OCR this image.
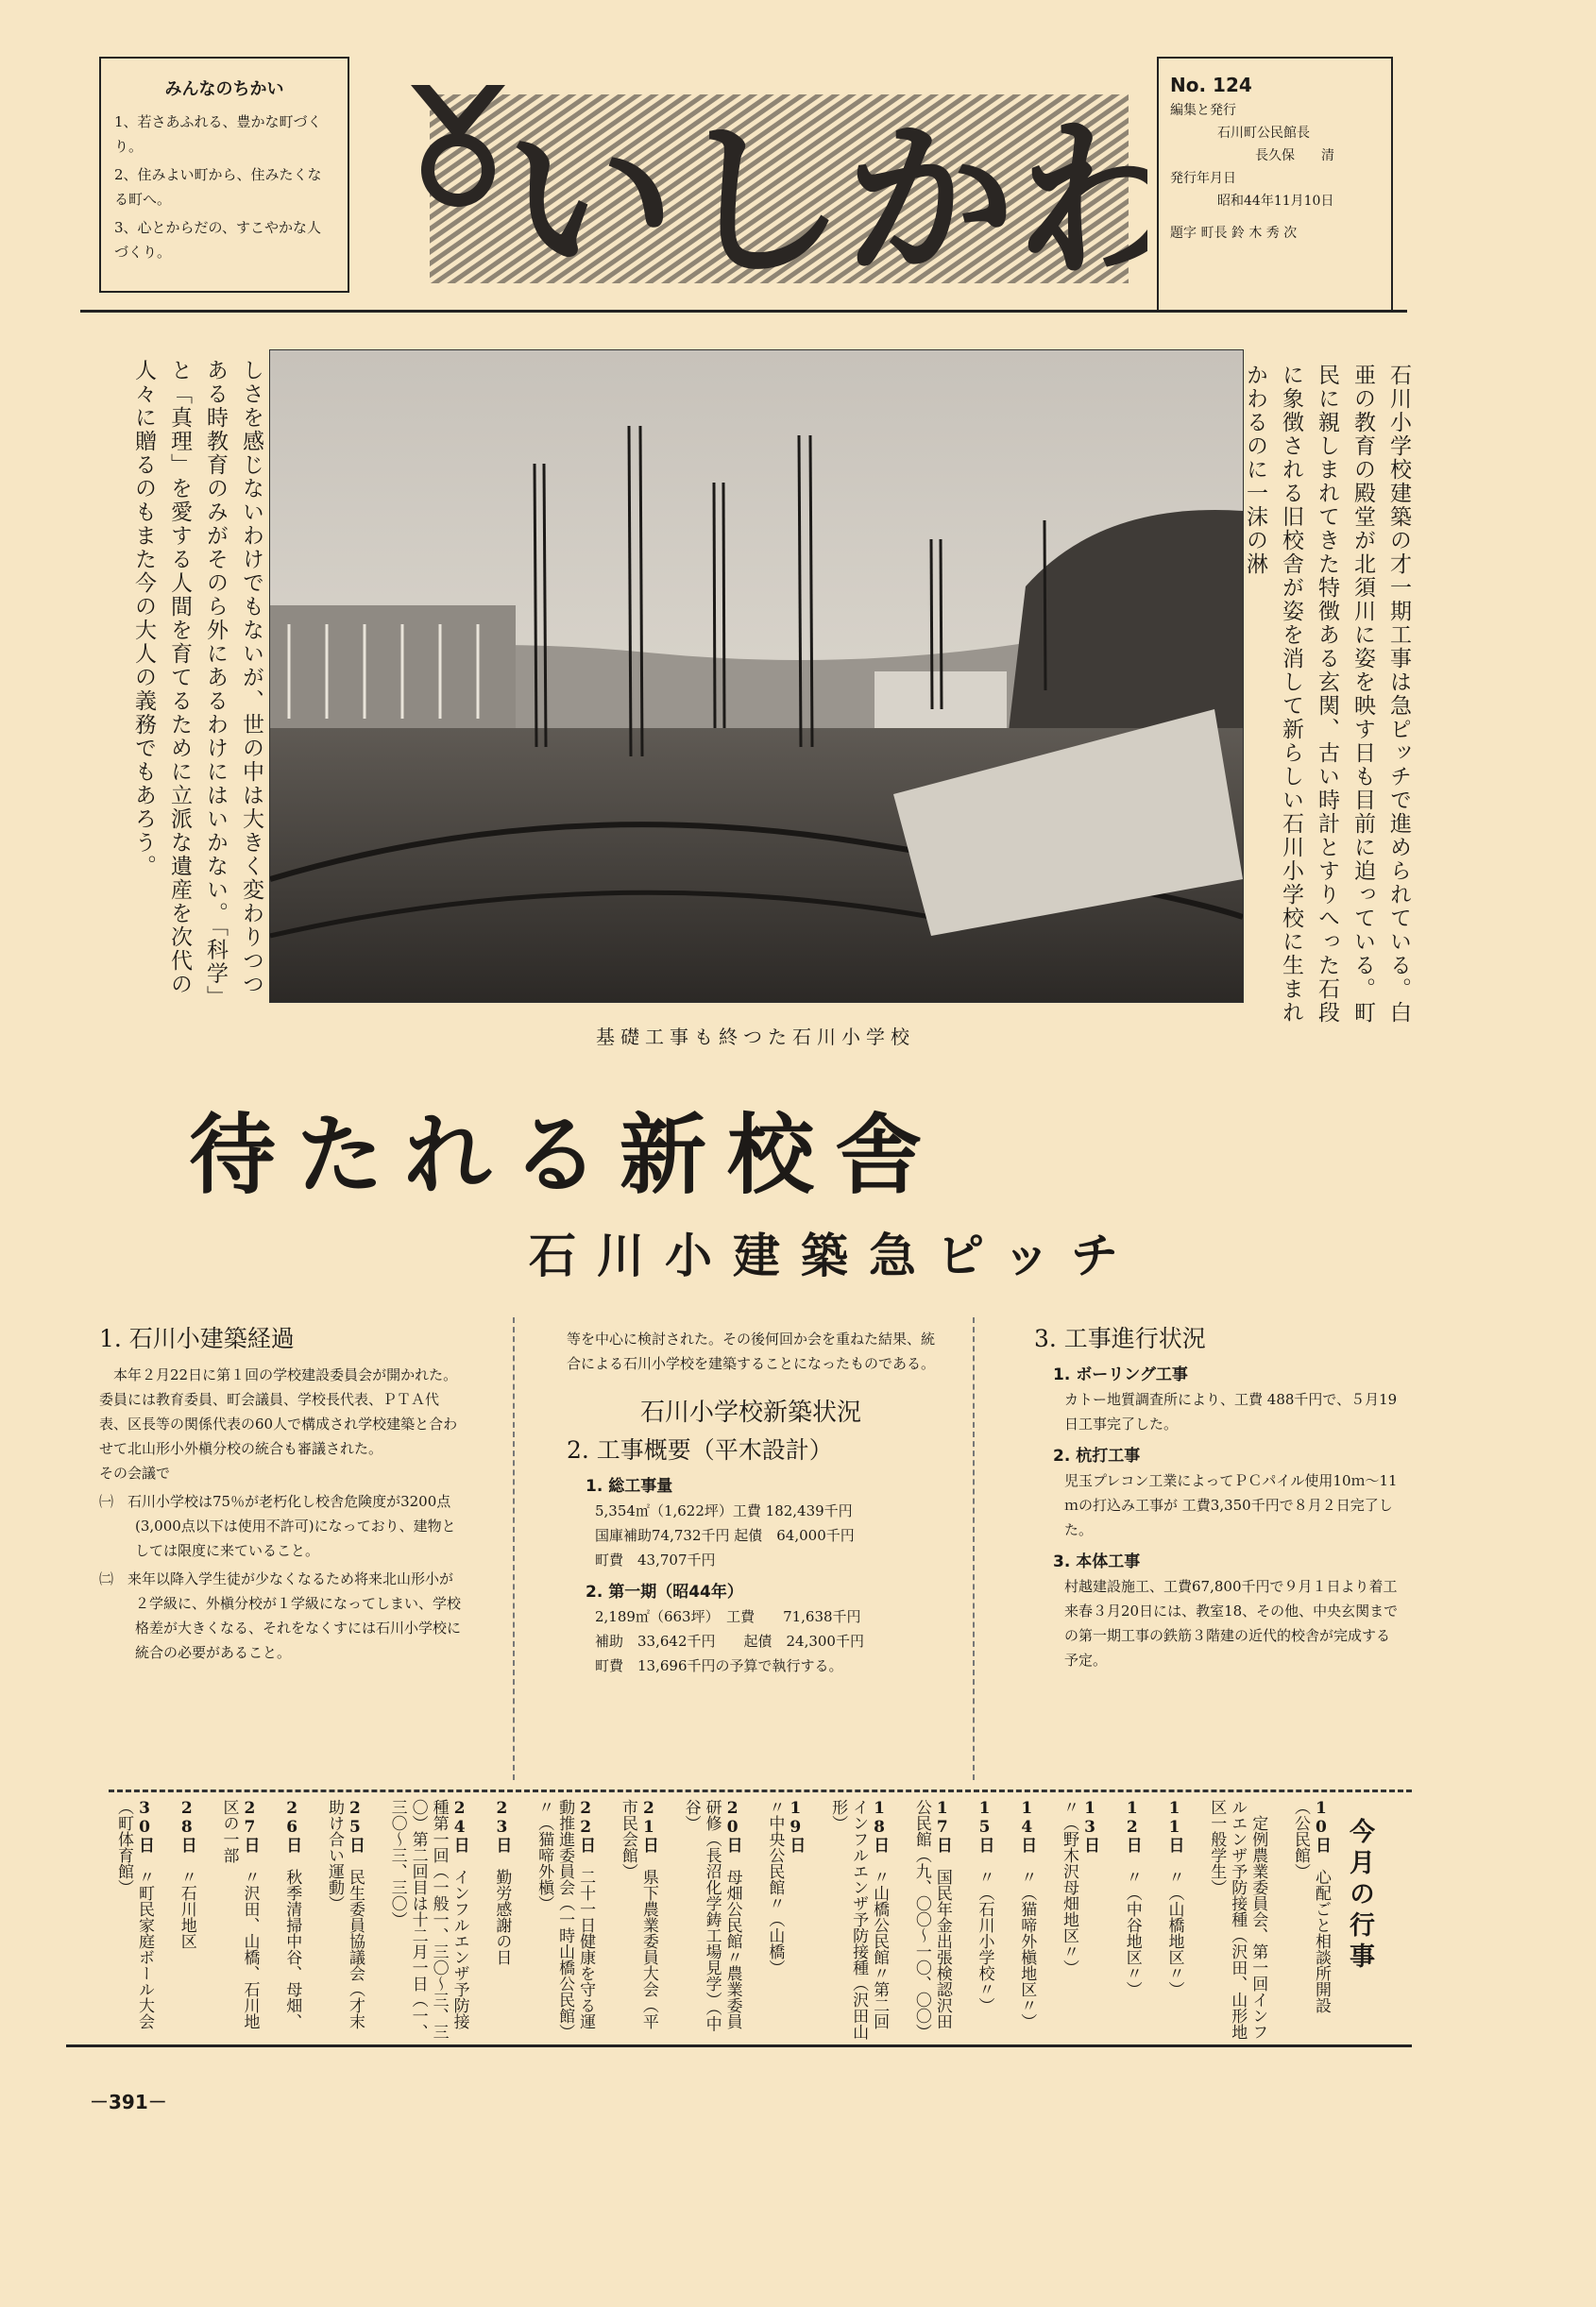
みんなのちかい

1、若さあふれる、豊かな町づくり。

2、住みよい町から、住みたくなる町へ。

3、心とからだの、すこやかな人づくり。	いしかわ
No. 124
編集と発行
石川町公民館長
長久保　　清
発行年月日
昭和44年11月10日
題字 町長 鈴 木 秀 次
石川小学校建築の才一期工事は急ピッチで進められている。白亜の教育の殿堂が北須川に姿を映す日も目前に迫っている。町民に親しまれてきた特徴ある玄関、古い時計とすりへった石段に象徴される旧校舎が姿を消して新らしい石川小学校に生まれかわるのに一沫の淋
しさを感じないわけでもないが、世の中は大きく変わりつつある時教育のみがそのら外にあるわけにはいかない。「科学」と「真理」を愛する人間を育てるために立派な遺産を次代の人々に贈るのもまた今の大人の義務でもあろう。
基礎工事も終つた石川小学校
待たれる新校舎
石川小建築急ピッチ
1. 石川小建築経過
本年２月22日に第１回の学校建設委員会が開かれた。委員には教育委員、町会議員、学校長代表、ＰＴＡ代表、区長等の関係代表の60人で構成され学校建築と合わせて北山形小外槇分校の統合も審議された。
その会議で
㈠　石川小学校は75％が老朽化し校舎危険度が3200点(3,000点以下は使用不許可)になっており、建物としては限度に来ていること。
㈡　来年以降入学生徒が少なくなるため将来北山形小が２学級に、外槇分校が１学級になってしまい、学校格差が大きくなる、それをなくすには石川小学校に統合の必要があること。
等を中心に検討された。その後何回か会を重ねた結果、統合による石川小学校を建築することになったものである。
石川小学校新築状況
2. 工事概要（平木設計）
1. 総工事量
5,354㎡（1,622坪）工費 182,439千円
国庫補助74,732千円 起債　64,000千円
町費　43,707千円
2. 第一期（昭44年）
2,189㎡（663坪）　工費　　71,638千円
補助　33,642千円　　起債　24,300千円
町費　13,696千円の予算で執行する。
3. 工事進行状況
1. ボーリング工事
カトー地質調査所により、工費 488千円で、５月19日工事完了した。
2. 杭打工事
児玉プレコン工業によってＰＣパイル使用10ｍ～11ｍの打込み工事が 工費3,350千円で８月２日完了した。
3. 本体工事
村越建設施工、工費67,800千円で９月１日より着工来春３月20日には、教室18、その他、中央玄関までの第一期工事の鉄筋３階建の近代的校舎が完成する予定。
今月の行事
10日　心配ごと相談所開設（公民館）
　定例農業委員会、第一回インフルエンザ予防接種（沢田、山形地区一般学生）
11日　〃（山橋地区〃）
12日　〃（中谷地区〃）
13日　〃（野木沢母畑地区〃）
14日　〃（猫啼外槇地区〃）
15日　〃（石川小学校〃）
17日　国民年金出張検認沢田公民館（九、〇〇～一〇、〇〇）
18日　〃山橋公民館〃第二回インフルエンザ予防接種（沢田山形）
19日　〃中央公民館〃（山橋）
20日　母畑公民館〃農業委員研修（長沼化学鋳工場見学）（中谷）
21日　県下農業委員大会（平市民会館）
22日　二十一日健康を守る運動推進委員会（一時山橋公民館）〃（猫啼外槇）
23日　勤労感謝の日
24日　インフルエンザ予防接種第一回（一般一、三〇～三、三〇）第二回目は十二月一日（一、三〇～三、三〇）
25日　民生委員協議会（才末助け合い運動）
26日　秋季清掃中谷、母畑、
27日　〃沢田、山橋、石川地区の一部
28日　〃石川地区
30日　〃町民家庭ボール大会（町体育館）
－391－
